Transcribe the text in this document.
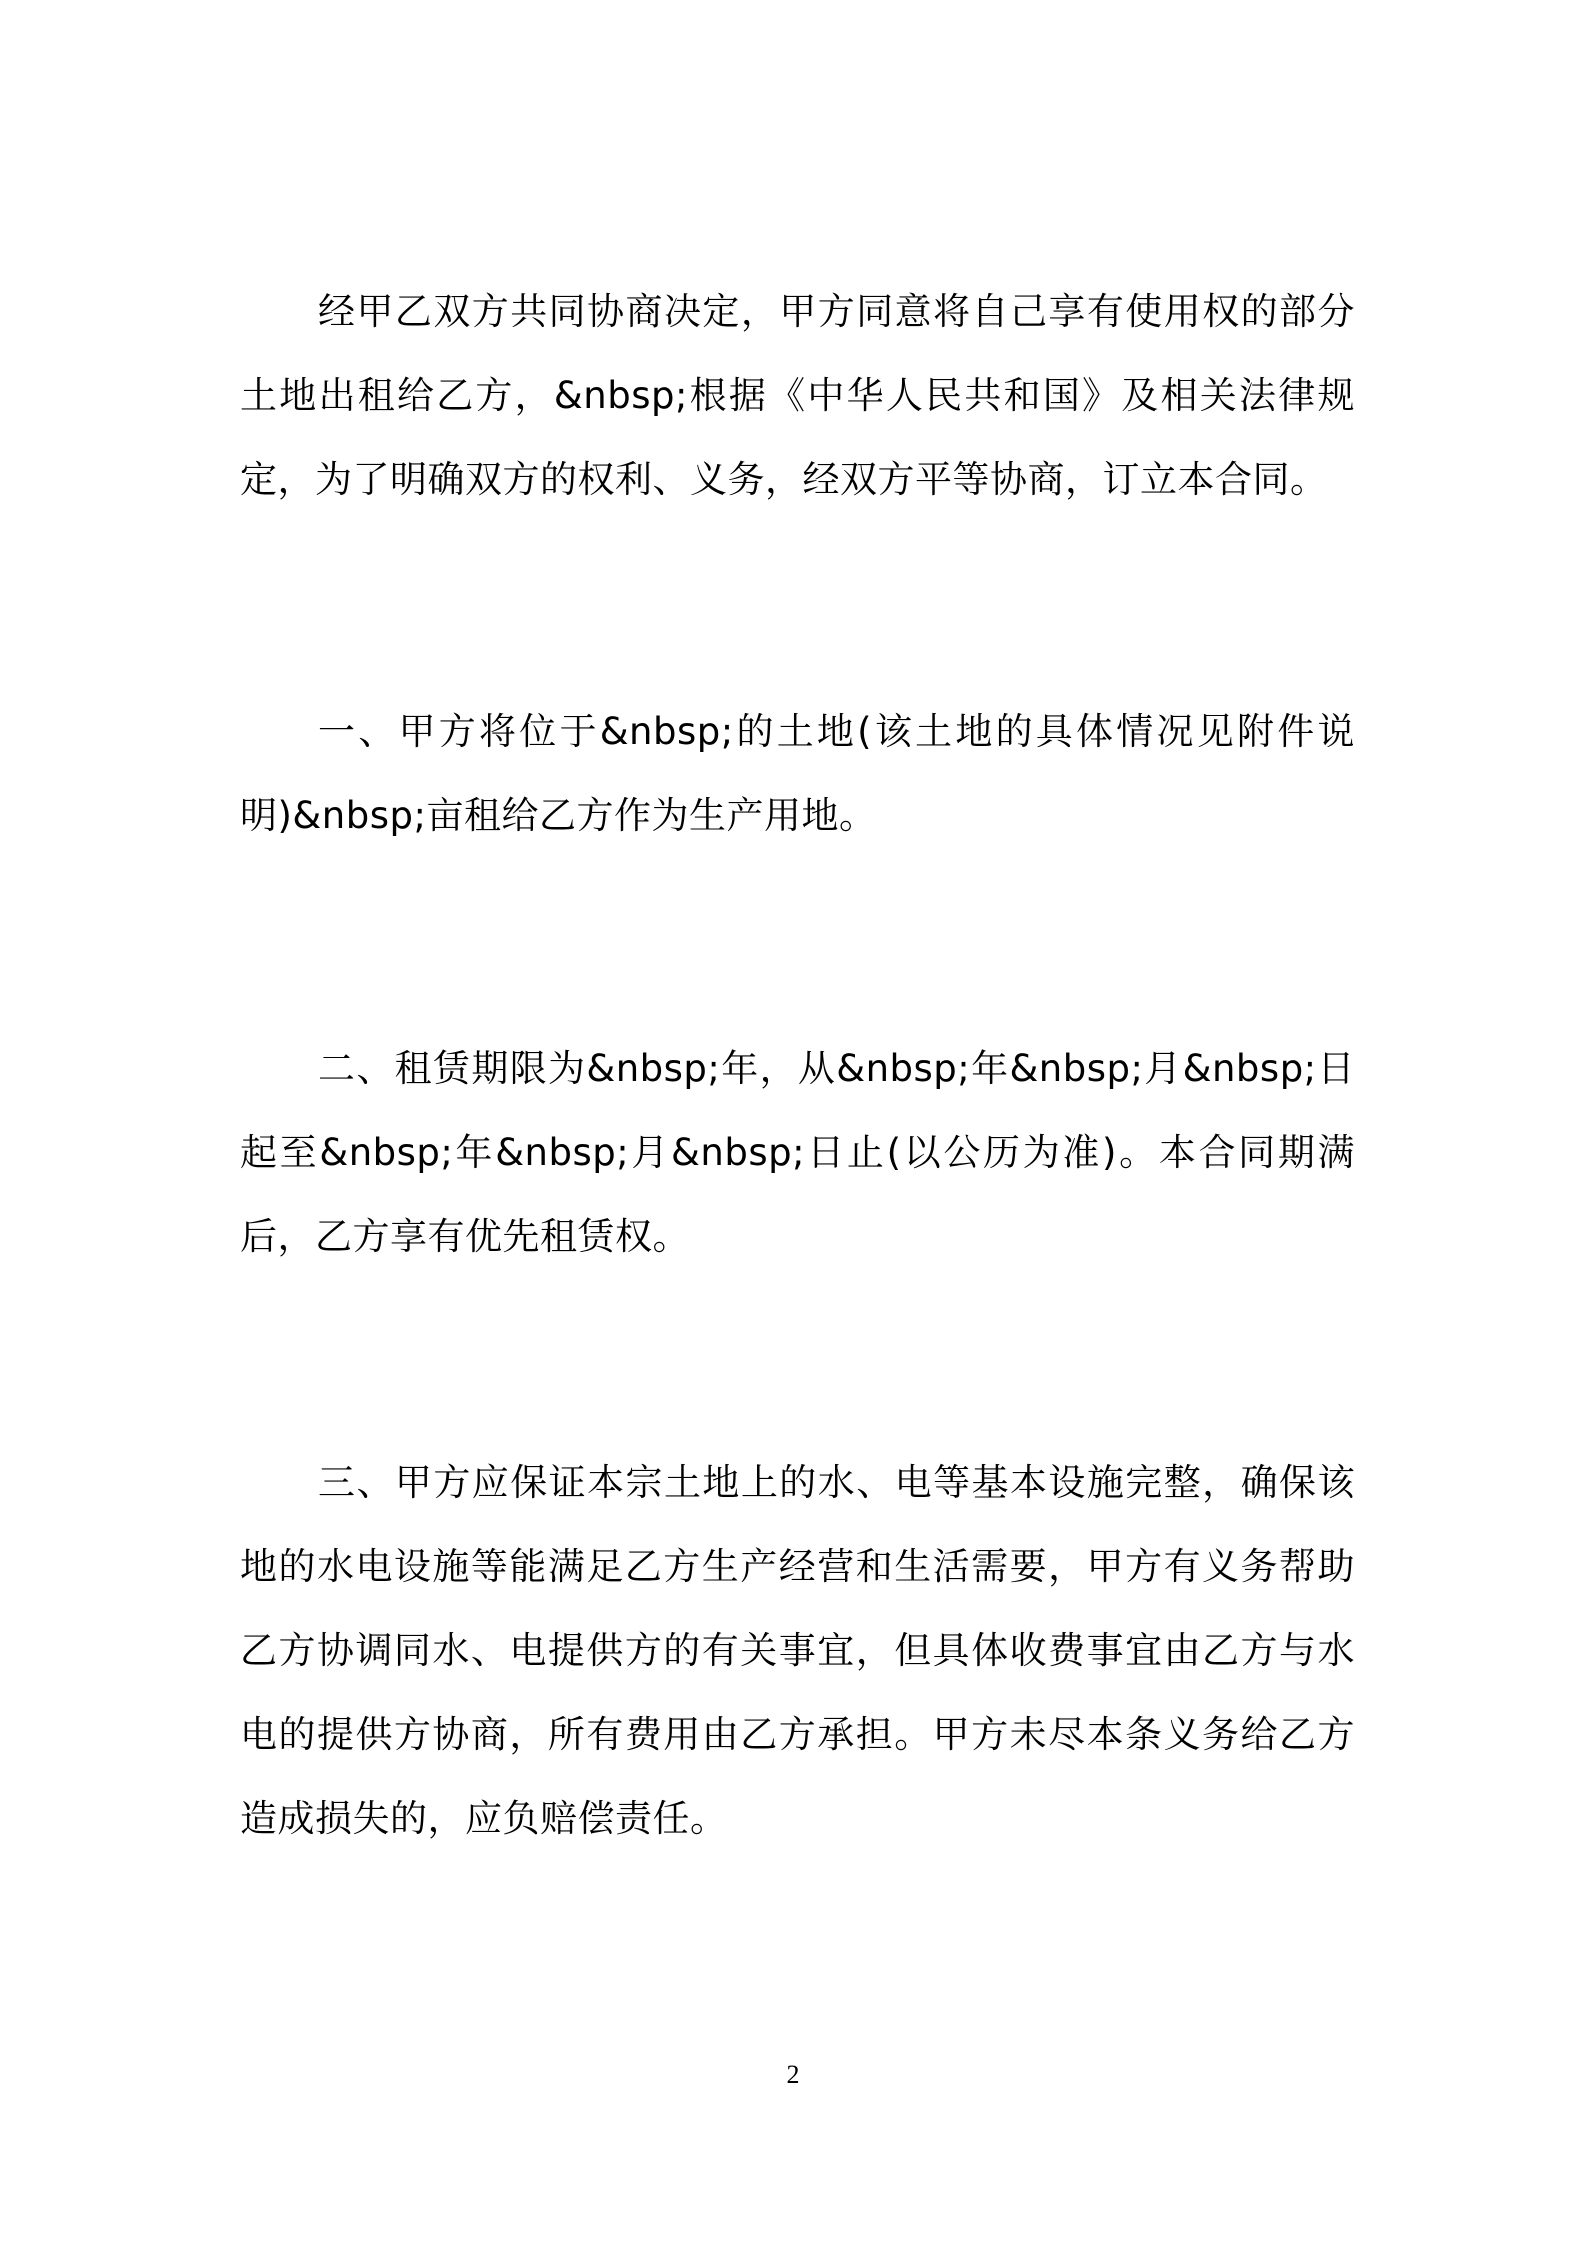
经甲乙双方共同协商决定，甲方同意将自己享有使用权的部分土地出租给乙方，&nbsp;根据《中华人民共和国》及相关法律规定，为了明确双方的权利、义务，经双方平等协商，订立本合同。

一、甲方将位于&nbsp;的土地(该土地的具体情况见附件说明)&nbsp;亩租给乙方作为生产用地。

二、租赁期限为&nbsp;年，从&nbsp;年&nbsp;月&nbsp;日起至&nbsp;年&nbsp;月&nbsp;日止(以公历为准)。本合同期满后，乙方享有优先租赁权。

三、甲方应保证本宗土地上的水、电等基本设施完整，确保该地的水电设施等能满足乙方生产经营和生活需要，甲方有义务帮助乙方协调同水、电提供方的有关事宜，但具体收费事宜由乙方与水电的提供方协商，所有费用由乙方承担。甲方未尽本条义务给乙方造成损失的，应负赔偿责任。

2
